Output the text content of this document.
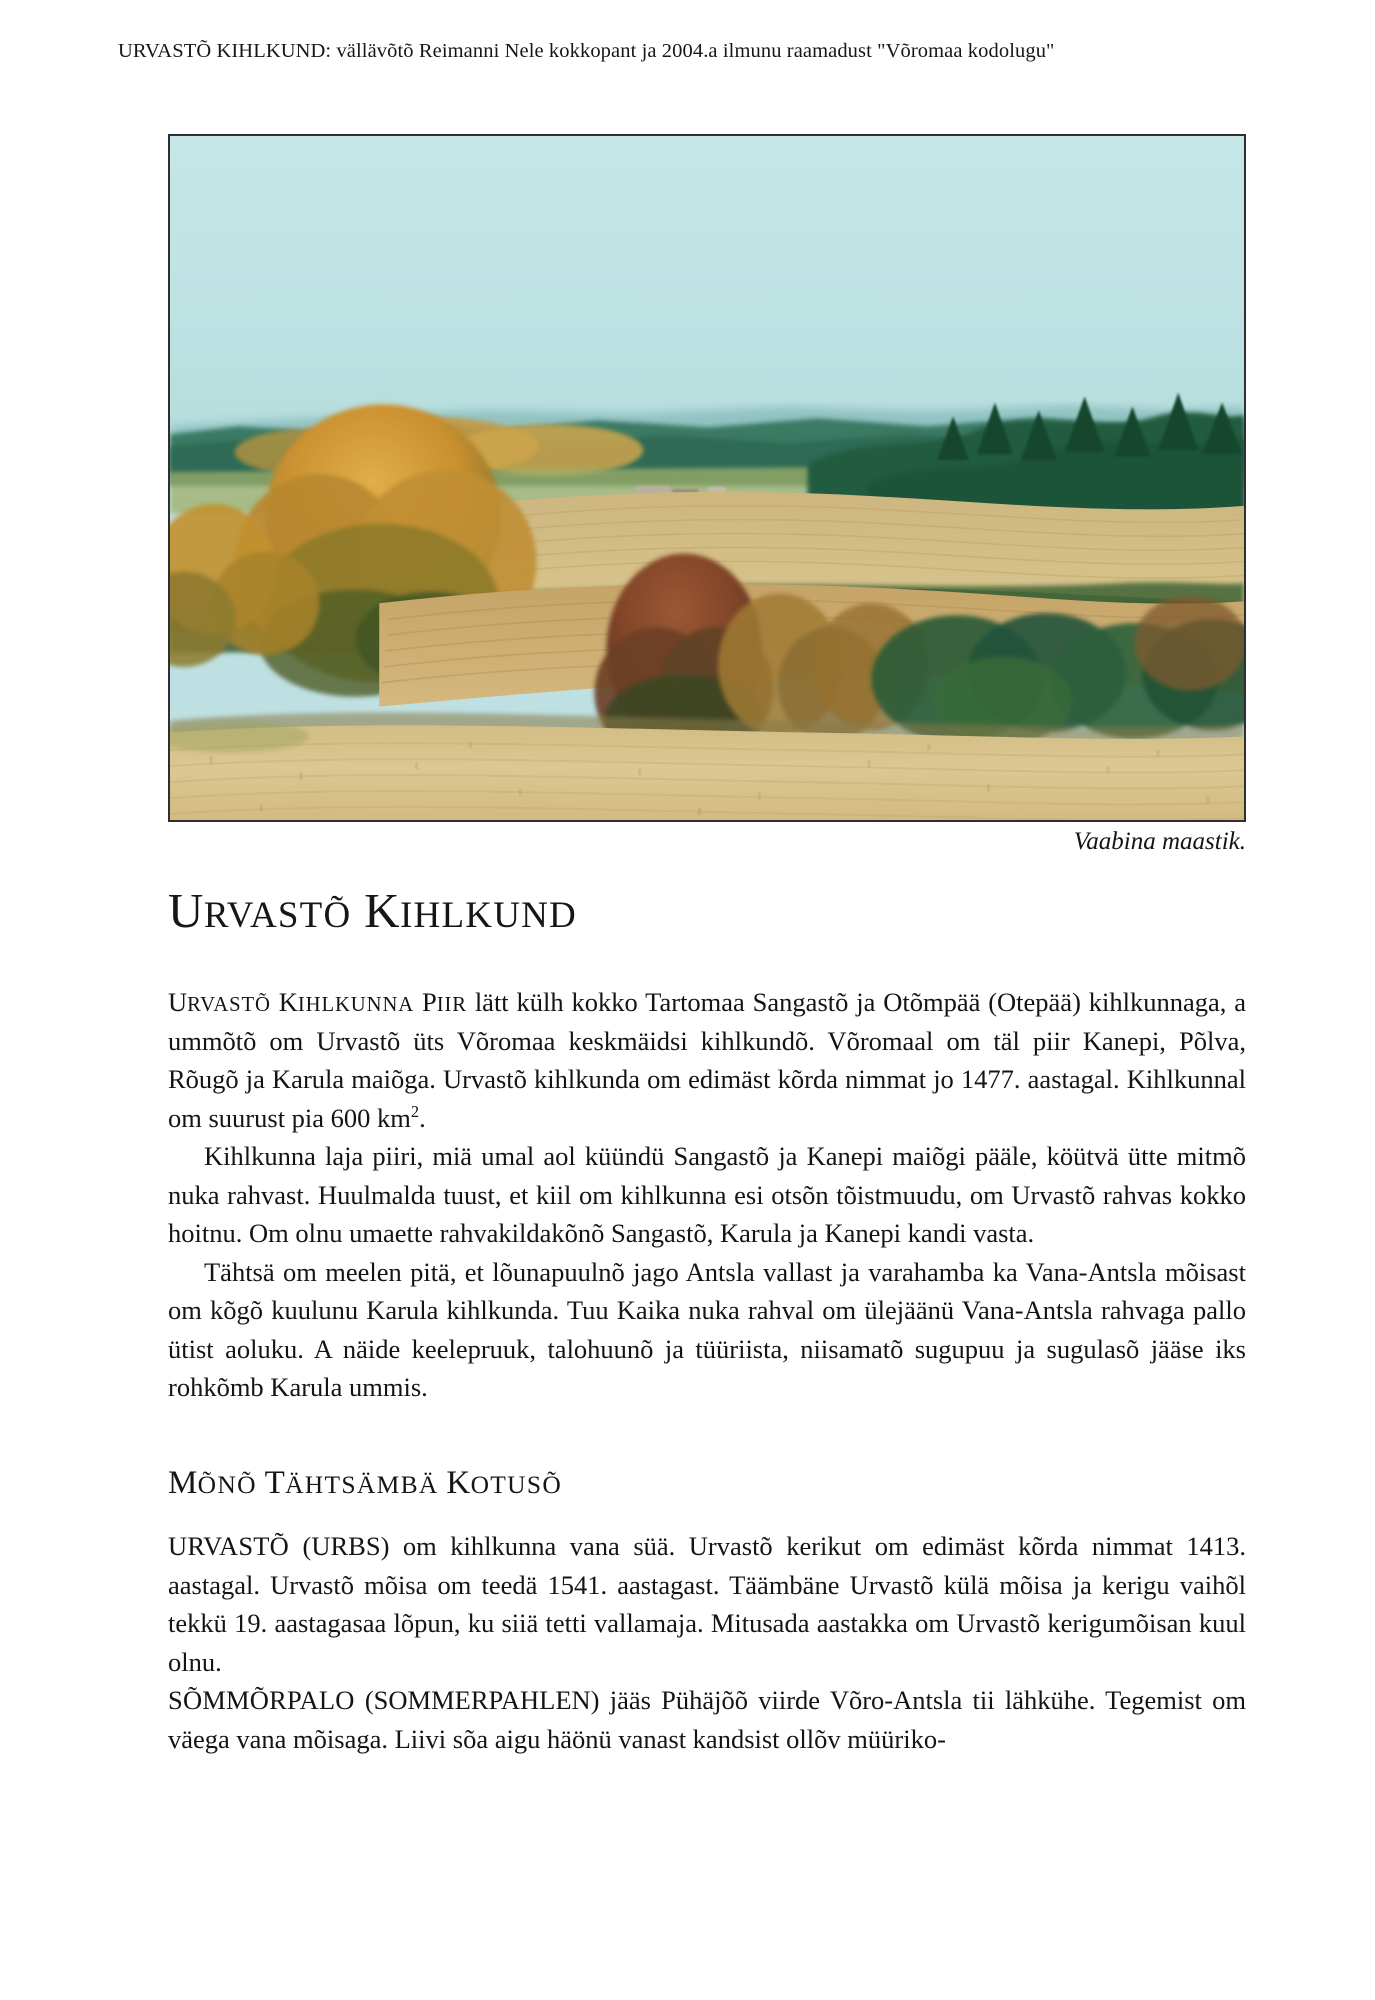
URVASTÕ KIHLKUND: vällävõtõ Reimanni Nele kokkopant ja 2004.a ilmunu raamadust "Võromaa kodolugu"
Vaabina maastik.
URVASTÕ KIHLKUND

URVASTÕ KIHLKUNNA PIIR lätt külh kokko Tartomaa Sangastõ ja Otõmpää (Otepää) kihlkunnaga, a ummõtõ om Urvastõ üts Võromaa keskmäidsi kihlkundõ. Võromaal om täl piir Kanepi, Põlva, Rõugõ ja Karula maiõga. Urvastõ kihlkunda om edimäst kõrda nimmat jo 1477. aastagal. Kihlkunnal om suurust pia 600 $km^2$.

Kihlkunna laja piiri, miä umal aol küündü Sangastõ ja Kanepi maiõgi pääle, köütvä ütte mitmõ nuka rahvast. Huulmalda tuust, et kiil om kihlkunna esi otsõn tõistmuudu, om Urvastõ rahvas kokko hoitnu. Om olnu umaette rahvakildakõnõ Sangastõ, Karula ja Kanepi kandi vasta.

Tähtsä om meelen pitä, et lõunapuulnõ jago Antsla vallast ja varahamba ka Vana-Antsla mõisast om kõgõ kuulunu Karula kihlkunda. Tuu Kaika nuka rahval om ülejäänü Vana-Antsla rahvaga pallo ütist aoluku. A näide keelepruuk, talohuunõ ja tüüriista, niisamatõ sugupuu ja sugulasõ jääse iks rohkõmb Karula ummis.

MÕNÕ TÄHTSÄMBÄ KOTUSÕ

URVASTÕ (URBS) om kihlkunna vana süä. Urvastõ kerikut om edimäst kõrda nimmat 1413. aastagal. Urvastõ mõisa om teedä 1541. aastagast. Täämbäne Urvastõ külä mõisa ja kerigu vaihõl tekkü 19. aastagasaa lõpun, ku siiä tetti vallamaja. Mitusada aastakka om Urvastõ kerigumõisan kuul olnu.

SÕMMÕRPALO (SOMMERPAHLEN) jääs Pühäjõõ viirde Võro-Antsla tii lähkühe. Tegemist om väega vana mõisaga. Liivi sõa aigu häönü vanast kandsist ollõv müüriko-
